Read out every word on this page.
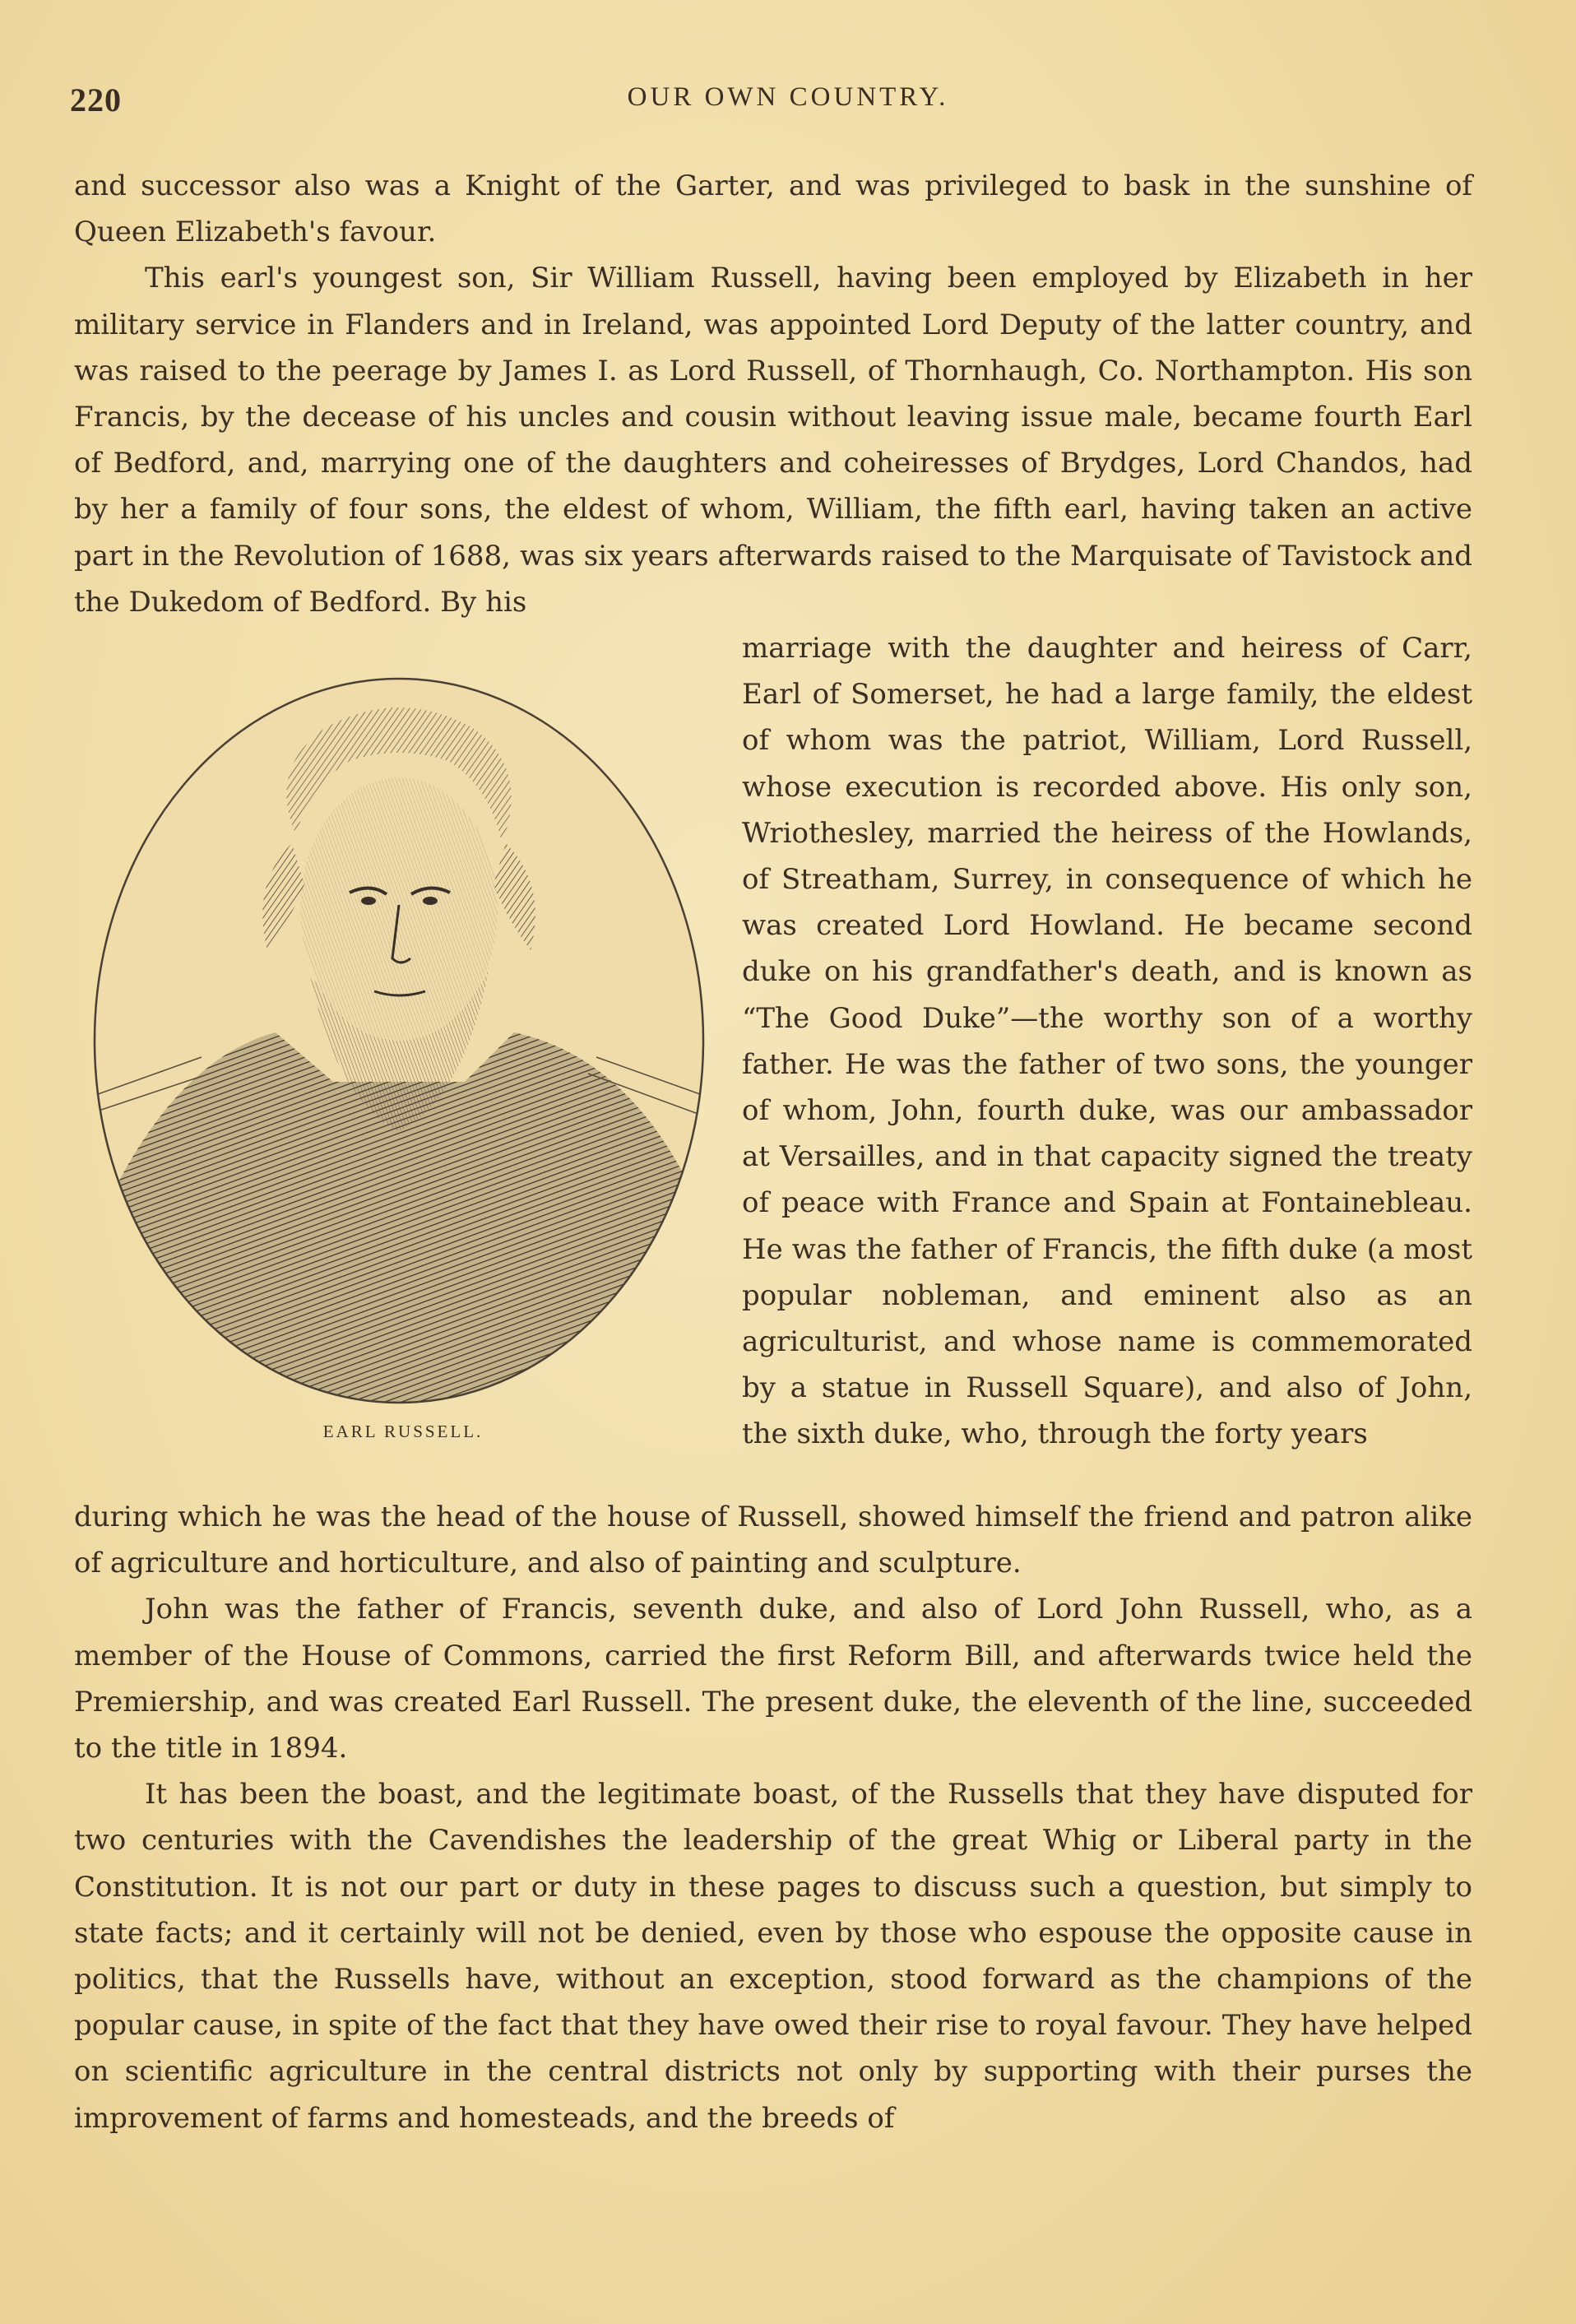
220	OUR OWN COUNTRY.

and successor also was a Knight of the Garter, and was privileged to bask in the sunshine of Queen Elizabeth's favour.

This earl's youngest son, Sir William Russell, having been employed by Elizabeth in her military service in Flanders and in Ireland, was appointed Lord Deputy of the latter country, and was raised to the peerage by James I. as Lord Russell, of Thornhaugh, Co. Northampton. His son Francis, by the decease of his uncles and cousin without leaving issue male, became fourth Earl of Bedford, and, marrying one of the daughters and coheiresses of Brydges, Lord Chandos, had by her a family of four sons, the eldest of whom, William, the fifth earl, having taken an active part in the Revolution of 1688, was six years afterwards raised to the Marquisate of Tavistock and the Dukedom of Bedford. By his

EARL RUSSELL.

marriage with the daughter and heiress of Carr, Earl of Somerset, he had a large family, the eldest of whom was the patriot, William, Lord Russell, whose execution is recorded above. His only son, Wriothesley, married the heiress of the Howlands, of Streatham, Surrey, in consequence of which he was created Lord Howland. He became second duke on his grandfather's death, and is known as “The Good Duke”—the worthy son of a worthy father. He was the father of two sons, the younger of whom, John, fourth duke, was our ambassador at Versailles, and in that capacity signed the treaty of peace with France and Spain at Fontainebleau. He was the father of Francis, the fifth duke (a most popular nobleman, and eminent also as an agriculturist, and whose name is commemorated by a statue in Russell Square), and also of John, the sixth duke, who, through the forty years

during which he was the head of the house of Russell, showed himself the friend and patron alike of agriculture and horticulture, and also of painting and sculpture.

John was the father of Francis, seventh duke, and also of Lord John Russell, who, as a member of the House of Commons, carried the first Reform Bill, and afterwards twice held the Premiership, and was created Earl Russell. The present duke, the eleventh of the line, succeeded to the title in 1894.

It has been the boast, and the legitimate boast, of the Russells that they have disputed for two centuries with the Cavendishes the leadership of the great Whig or Liberal party in the Constitution. It is not our part or duty in these pages to discuss such a question, but simply to state facts; and it certainly will not be denied, even by those who espouse the opposite cause in politics, that the Russells have, without an exception, stood forward as the champions of the popular cause, in spite of the fact that they have owed their rise to royal favour. They have helped on scientific agriculture in the central districts not only by supporting with their purses the improvement of farms and homesteads, and the breeds of
